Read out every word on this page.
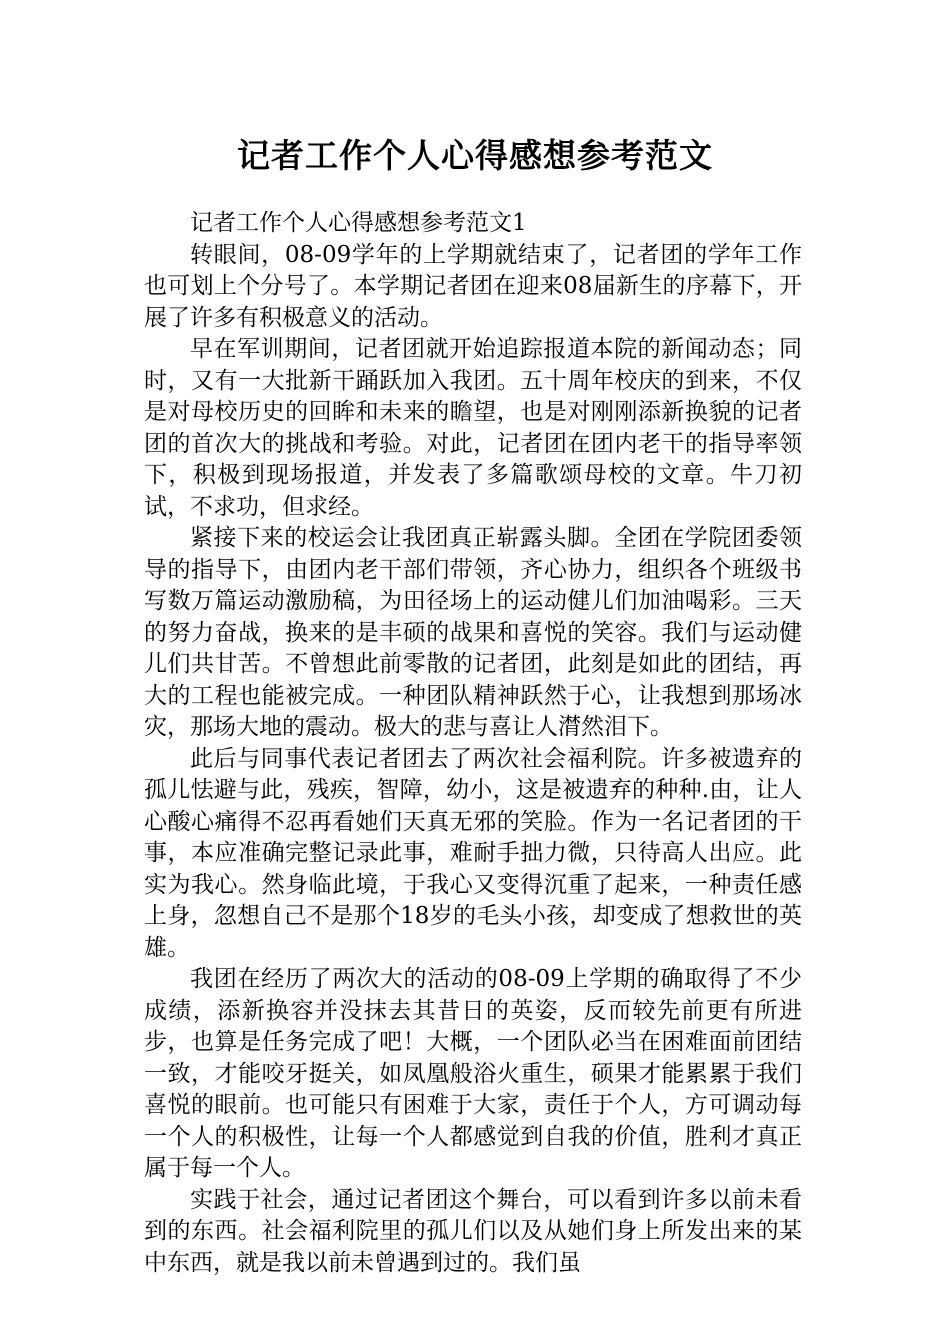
记者工作个人心得感想参考范文

记者工作个人心得感想参考范文1

转眼间，08-09学年的上学期就结束了，记者团的学年工作也可划上个分号了。本学期记者团在迎来08届新生的序幕下，开展了许多有积极意义的活动。

早在军训期间，记者团就开始追踪报道本院的新闻动态；同时，又有一大批新干踊跃加入我团。五十周年校庆的到来，不仅是对母校历史的回眸和未来的瞻望，也是对刚刚添新换貌的记者团的首次大的挑战和考验。对此，记者团在团内老干的指导率领下，积极到现场报道，并发表了多篇歌颂母校的文章。牛刀初试，不求功，但求经。

紧接下来的校运会让我团真正崭露头脚。全团在学院团委领导的指导下，由团内老干部们带领，齐心协力，组织各个班级书写数万篇运动激励稿，为田径场上的运动健儿们加油喝彩。三天的努力奋战，换来的是丰硕的战果和喜悦的笑容。我们与运动健儿们共甘苦。不曾想此前零散的记者团，此刻是如此的团结，再大的工程也能被完成。一种团队精神跃然于心，让我想到那场冰灾，那场大地的震动。极大的悲与喜让人潸然泪下。

此后与同事代表记者团去了两次社会福利院。许多被遗弃的孤儿怯避与此，残疾，智障，幼小，这是被遗弃的种种.由，让人心酸心痛得不忍再看她们天真无邪的笑脸。作为一名记者团的干事，本应准确完整记录此事，难耐手拙力微，只待高人出应。此实为我心。然身临此境，于我心又变得沉重了起来，一种责任感上身，忽想自己不是那个18岁的毛头小孩，却变成了想救世的英雄。

我团在经历了两次大的活动的08-09上学期的确取得了不少成绩，添新换容并没抹去其昔日的英姿，反而较先前更有所进步，也算是任务完成了吧！大概，一个团队必当在困难面前团结一致，才能咬牙挺关，如凤凰般浴火重生，硕果才能累累于我们喜悦的眼前。也可能只有困难于大家，责任于个人，方可调动每一个人的积极性，让每一个人都感觉到自我的价值，胜利才真正属于每一个人。

实践于社会，通过记者团这个舞台，可以看到许多以前未看到的东西。社会福利院里的孤儿们以及从她们身上所发出来的某中东西，就是我以前未曾遇到过的。我们虽
